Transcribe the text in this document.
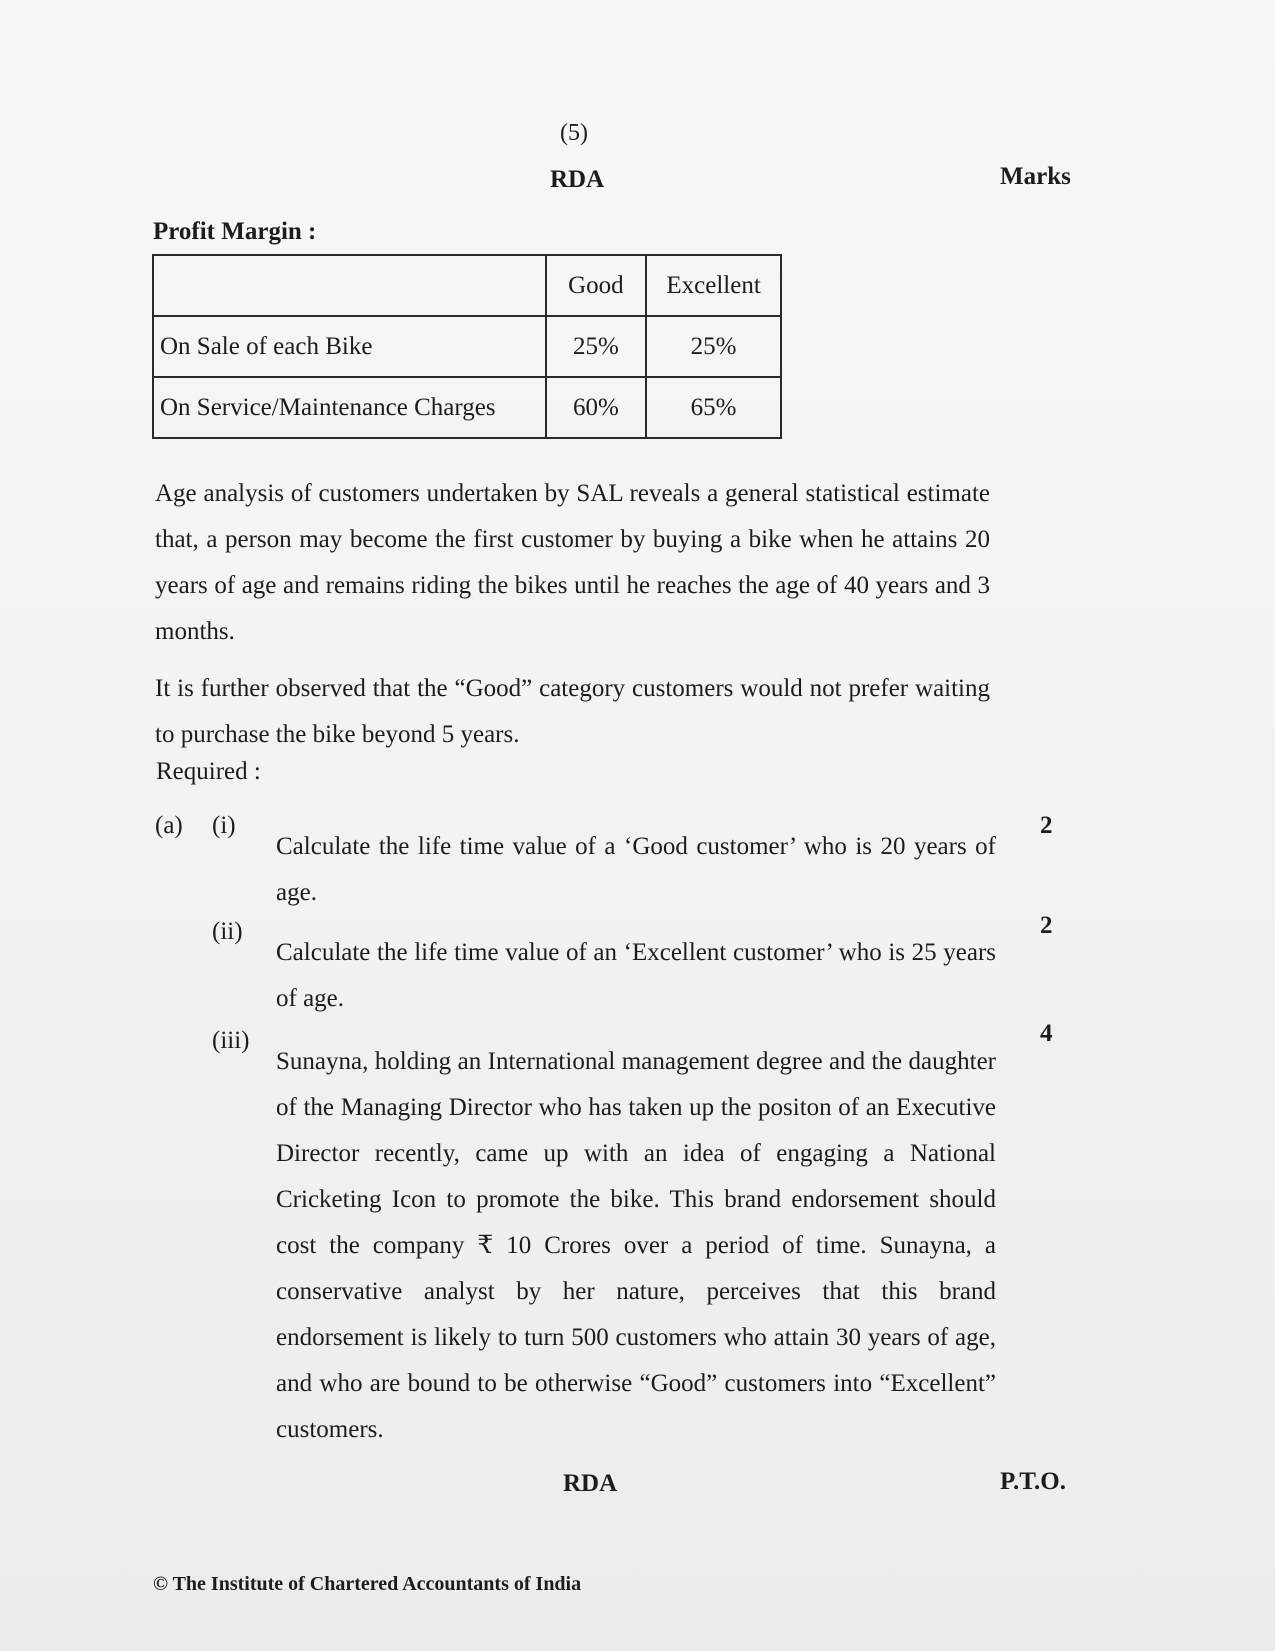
(5)

RDA	Marks

Profit Margin :

	Good	Excellent
On Sale of each Bike	25%	25%
On Service/Maintenance Charges	60%	65%

Age analysis of customers undertaken by SAL reveals a general statistical estimate that, a person may become the first customer by buying a bike when he attains 20 years of age and remains riding the bikes until he reaches the age of 40 years and 3 months.

It is further observed that the “Good” category customers would not prefer waiting to purchase the bike beyond 5 years.

Required :

(a) (i)

Calculate the life time value of a ‘Good customer’ who is 20 years of age.

2
(ii)

Calculate the life time value of an ‘Excellent customer’ who is 25 years of age.

2
(iii)

Sunayna, holding an International management degree and the daughter of the Managing Director who has taken up the positon of an Executive Director recently, came up with an idea of engaging a National Cricketing Icon to promote the bike. This brand endorsement should cost the company ₹ 10 Crores over a period of time. Sunayna, a conservative analyst by her nature, perceives that this brand endorsement is likely to turn 500 customers who attain 30 years of age, and who are bound to be otherwise “Good” customers into “Excellent” customers.

4

RDA	P.T.O.

© The Institute of Chartered Accountants of India
